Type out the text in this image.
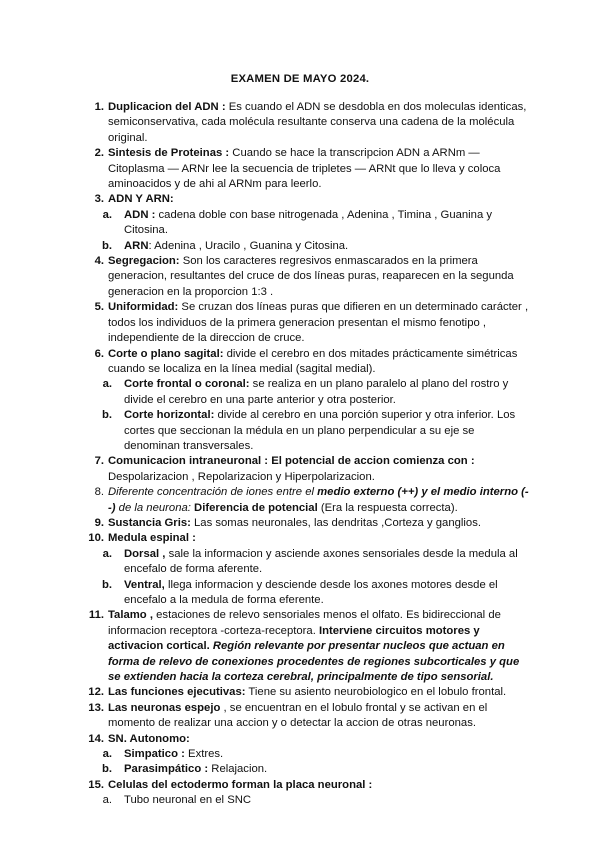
EXAMEN DE MAYO 2024.
1. Duplicacion del ADN : Es cuando el ADN se desdobla en dos moleculas identicas, semiconservativa, cada molécula resultante conserva una cadena de la molécula original.
2. Sintesis de Proteinas : Cuando se hace la transcripcion ADN a ARNm — Citoplasma — ARNr lee la secuencia de tripletes — ARNt que lo lleva y coloca aminoacidos y de ahi al ARNm para leerlo.
3. ADN Y ARN:
a. ADN : cadena doble con base nitrogenada , Adenina , Timina , Guanina y Citosina.
b. ARN: Adenina , Uracilo , Guanina y Citosina.
4. Segregacion: Son los caracteres regresivos enmascarados en la primera generacion, resultantes del cruce de dos líneas puras, reaparecen en la segunda generacion en la proporcion 1:3 .
5. Uniformidad: Se cruzan dos líneas puras que difieren en un determinado carácter , todos los individuos de la primera generacion presentan el mismo fenotipo , independiente de la direccion de cruce.
6. Corte o plano sagital: divide el cerebro en dos mitades prácticamente simétricas cuando se localiza en la línea medial (sagital medial).
a. Corte frontal o coronal: se realiza en un plano paralelo al plano del rostro y divide el cerebro en una parte anterior y otra posterior.
b. Corte horizontal: divide al cerebro en una porción superior y otra inferior. Los cortes que seccionan la médula en un plano perpendicular a su eje se denominan transversales.
7. Comunicacion intraneuronal : El potencial de accion comienza con : Despolarizacion , Repolarizacion y Hiperpolarizacion.
8. Diferente concentración de iones entre el medio externo (++) y el medio interno (--) de la neurona: Diferencia de potencial (Era la respuesta correcta).
9. Sustancia Gris: Las somas neuronales, las dendritas ,Corteza y ganglios.
10. Medula espinal :
a. Dorsal , sale la informacion y asciende axones sensoriales desde la medula al encefalo de forma aferente.
b. Ventral, llega informacion y desciende desde los axones motores desde el encefalo a la medula de forma eferente.
11. Talamo , estaciones de relevo sensoriales menos el olfato. Es bidireccional de informacion receptora -corteza-receptora. Interviene circuitos motores y activacion cortical. Región relevante por presentar nucleos que actuan en forma de relevo de conexiones procedentes de regiones subcorticales y que se extienden hacia la corteza cerebral, principalmente de tipo sensorial.
12. Las funciones ejecutivas: Tiene su asiento neurobiologico en el lobulo frontal.
13. Las neuronas espejo , se encuentran en el lobulo frontal y se activan en el momento de realizar una accion y o detectar la accion de otras neuronas.
14. SN. Autonomo:
a. Simpatico : Extres.
b. Parasimpático : Relajacion.
15. Celulas del ectodermo forman la placa neuronal :
a. Tubo neuronal en el SNC
